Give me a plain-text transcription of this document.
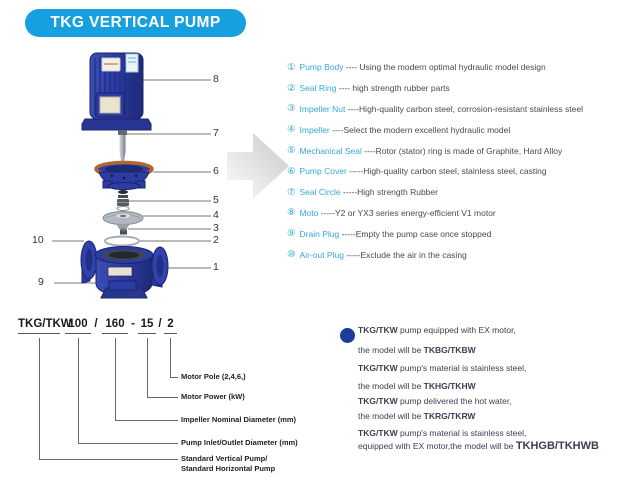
TKG VERTICAL PUMP
8
7
6
5
4
3
2
1
10
9
① Pump Body ---- Using the modern optimal hydraulic model design
② Seal Ring ---- high strength rubber parts
③ Impeller Nut ----High-quality carbon steel, corrosion-resistant stainless steel
④ Impeller ----Select the modern excellent hydraulic model
⑤ Mechanical Seal ----Rotor (stator) ring is made of Graphite, Hard Alloy
⑥ Pump Cover -----High-quality carbon steel, stainless steel, casting
⑦ Seal Circle -----High strength Rubber
⑧ Moto -----Y2 or YX3 series energy-efficient V1 motor
⑨ Drain Plug -----Empty the pump case once stopped
⑩ Air-out Plug -----Exclude the air in the casing
TKG/TKW
100 / 160 - 15 / 2
Motor Pole (2,4,6,)
Motor Power (kW)
Impeller Nominal Diameter (mm)
Pump Inlet/Outlet Diameter (mm)
Standard Vertical Pump/
Standard Horizontal Pump
TKG/TKW pump equipped with EX motor,
the model will be TKBG/TKBW
TKG/TKW pump's material is stainless steel,
the model will be TKHG/TKHW
TKG/TKW pump delivered the hot water,
the model will be TKRG/TKRW
TKG/TKW pump's material is stainless steel,
equipped with EX motor,the model will be TKHGB/TKHWB
